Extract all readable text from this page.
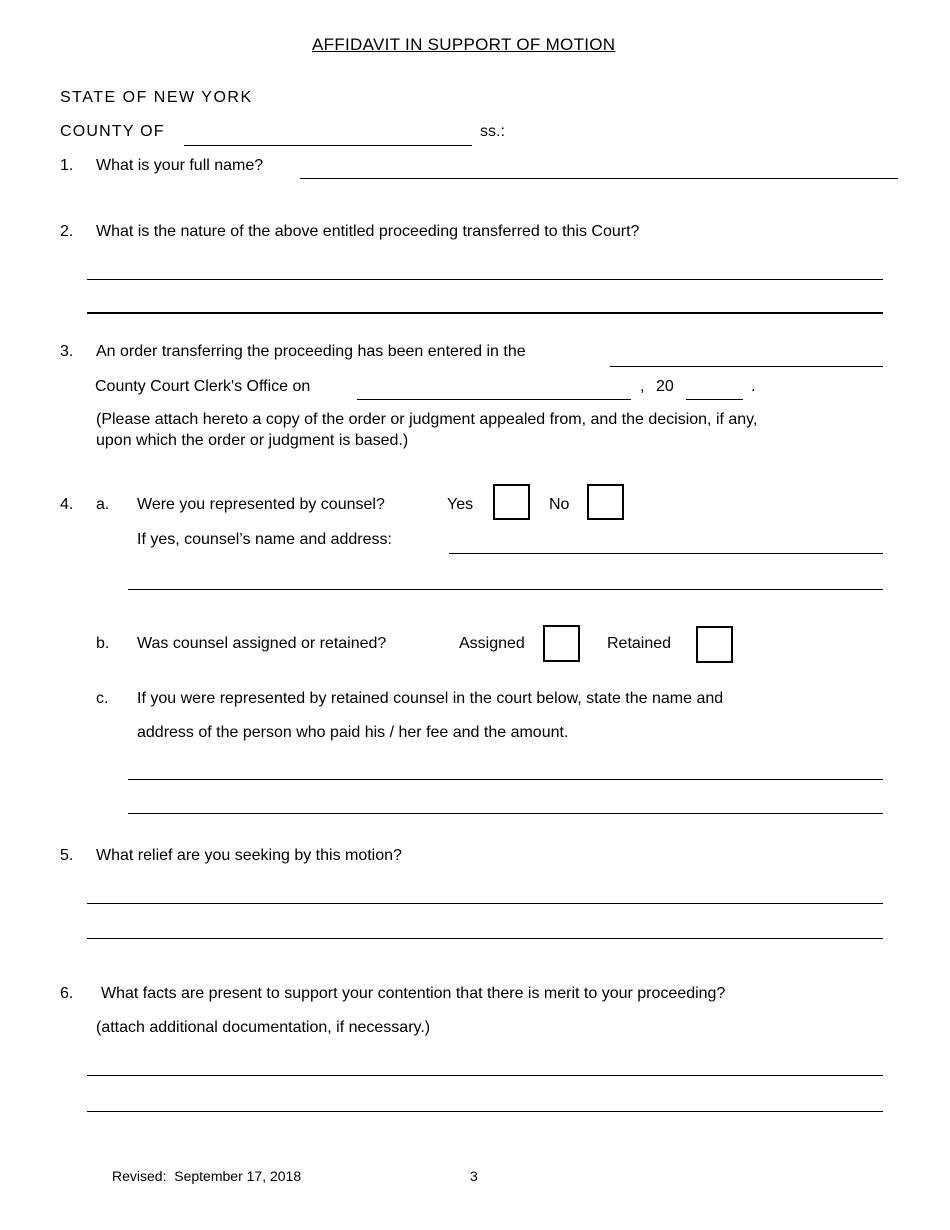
AFFIDAVIT IN SUPPORT OF MOTION
STATE OF NEW YORK
COUNTY OF	ss.:
1. What is your full name?
2. What is the nature of the above entitled proceeding transferred to this Court?
3. An order transferring the proceeding has been entered in the
County Court Clerk's Office on	, 20	.
(Please attach hereto a copy of the order or judgment appealed from, and the decision, if any,
upon which the order or judgment is based.)
4. a. Were you represented by counsel?	Yes	No
If yes, counsel’s name and address:
b. Was counsel assigned or retained?	Assigned	Retained
c. If you were represented by retained counsel in the court below, state the name and
address of the person who paid his / her fee and the amount.
5. What relief are you seeking by this motion?
6. What facts are present to support your contention that there is merit to your proceeding?
(attach additional documentation, if necessary.)
Revised:  September 17, 2018	3
